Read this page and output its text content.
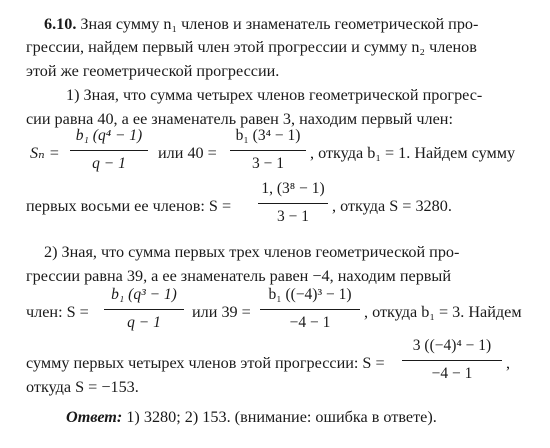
6.10. Зная сумму n₁ членов и знаменатель геометрической про-
грессии, найдем первый член этой прогрессии и сумму n₂ членов
этой же геометрической прогрессии.
1) Зная, что сумма четырех членов геометрической прогрес-
сии равна 40, а ее знаменатель равен 3, находим первый член:
Sₙ =
b₁ (q⁴ − 1)
q − 1
или 40 =
b₁ (3⁴ − 1)
3 − 1
, откуда b₁ = 1. Найдем сумму
первых восьми ее членов: S =
1, (3⁸ − 1)
3 − 1
, откуда S = 3280.
2) Зная, что сумма первых трех членов геометрической про-
грессии равна 39, а ее знаменатель равен −4, находим первый
член: S =
b₁ (q³ − 1)
q − 1
или 39 =
b₁ ((−4)³ − 1)
−4 − 1
, откуда b₁ = 3. Найдем
сумму первых четырех членов этой прогрессии: S =
3 ((−4)⁴ − 1)
−4 − 1
,
откуда S = −153.
Ответ: 1) 3280; 2) 153. (внимание: ошибка в ответе).
